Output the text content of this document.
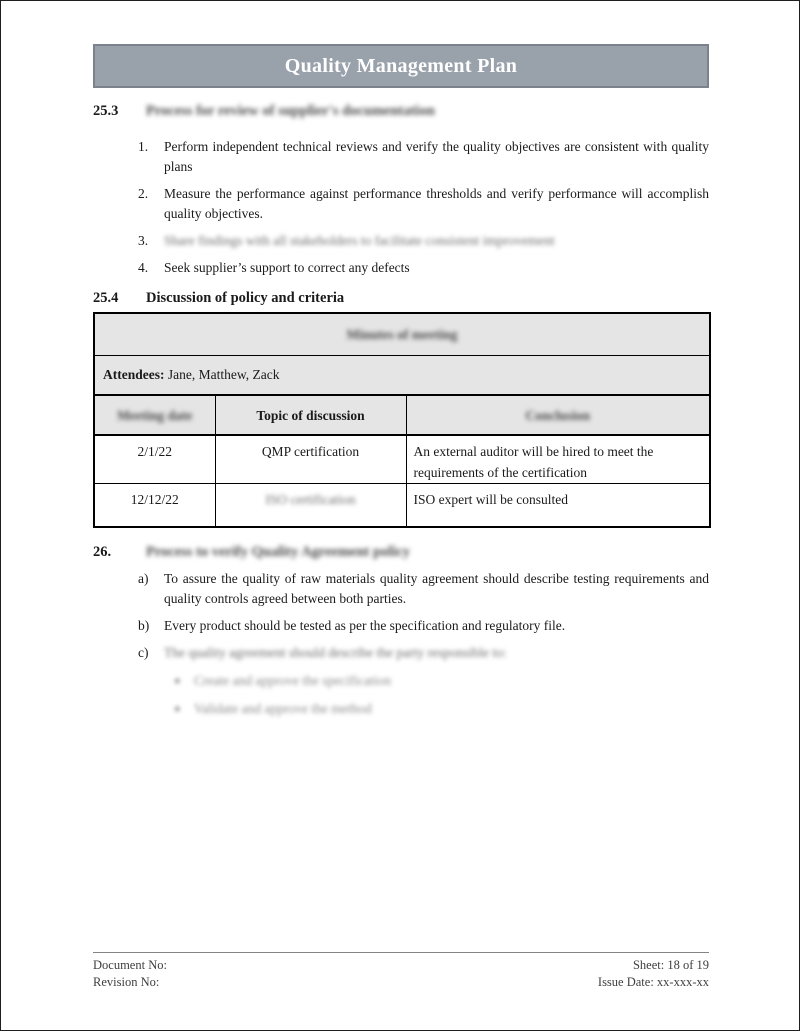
Quality Management Plan
25.3	Process for review of supplier's documentation
1.	Perform independent technical reviews and verify the quality objectives are consistent with quality plans
2.	Measure the performance against performance thresholds and verify performance will accomplish quality objectives.
3.	Share findings with all stakeholders to facilitate consistent improvement
4.	Seek supplier’s support to correct any defects
25.4	Discussion of policy and criteria
Minutes of meeting		
Attendees: Jane, Matthew, Zack		
Meeting date	Topic of discussion	Conclusion
2/1/22	QMP certification	An external auditor will be hired to meet the requirements of the certification
12/12/22	ISO certification	ISO expert will be consulted
26.	Process to verify Quality Agreement policy
a)	To assure the quality of raw materials quality agreement should describe testing requirements and quality controls agreed between both parties.
b)	Every product should be tested as per the specification and regulatory file.
c)	The quality agreement should describe the party responsible to:
● Create and approve the specification
● Validate and approve the method
Document No:
Revision No:
Sheet: 18 of 19
Issue Date: xx-xxx-xx
